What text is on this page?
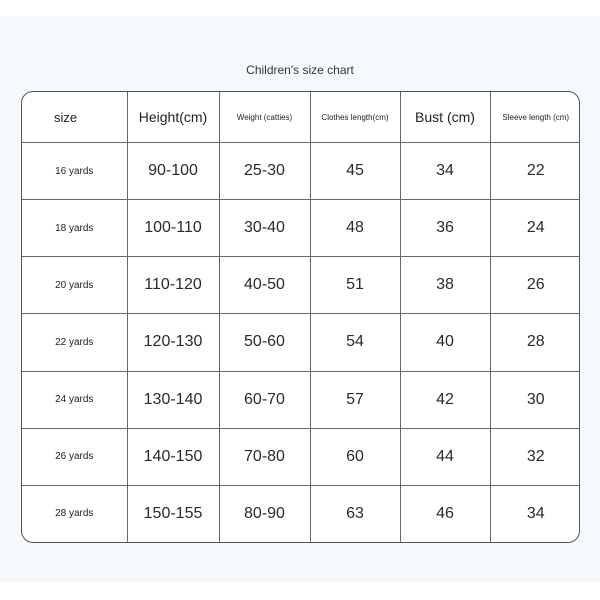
Children's size chart
size	Height(cm)	Weight (catties)	Clothes length(cm)	Bust (cm)	Sleeve length (cm)
16 yards	90-100	25-30	45	34	22
18 yards	100-110	30-40	48	36	24
20 yards	110-120	40-50	51	38	26
22 yards	120-130	50-60	54	40	28
24 yards	130-140	60-70	57	42	30
26 yards	140-150	70-80	60	44	32
28 yards	150-155	80-90	63	46	34
